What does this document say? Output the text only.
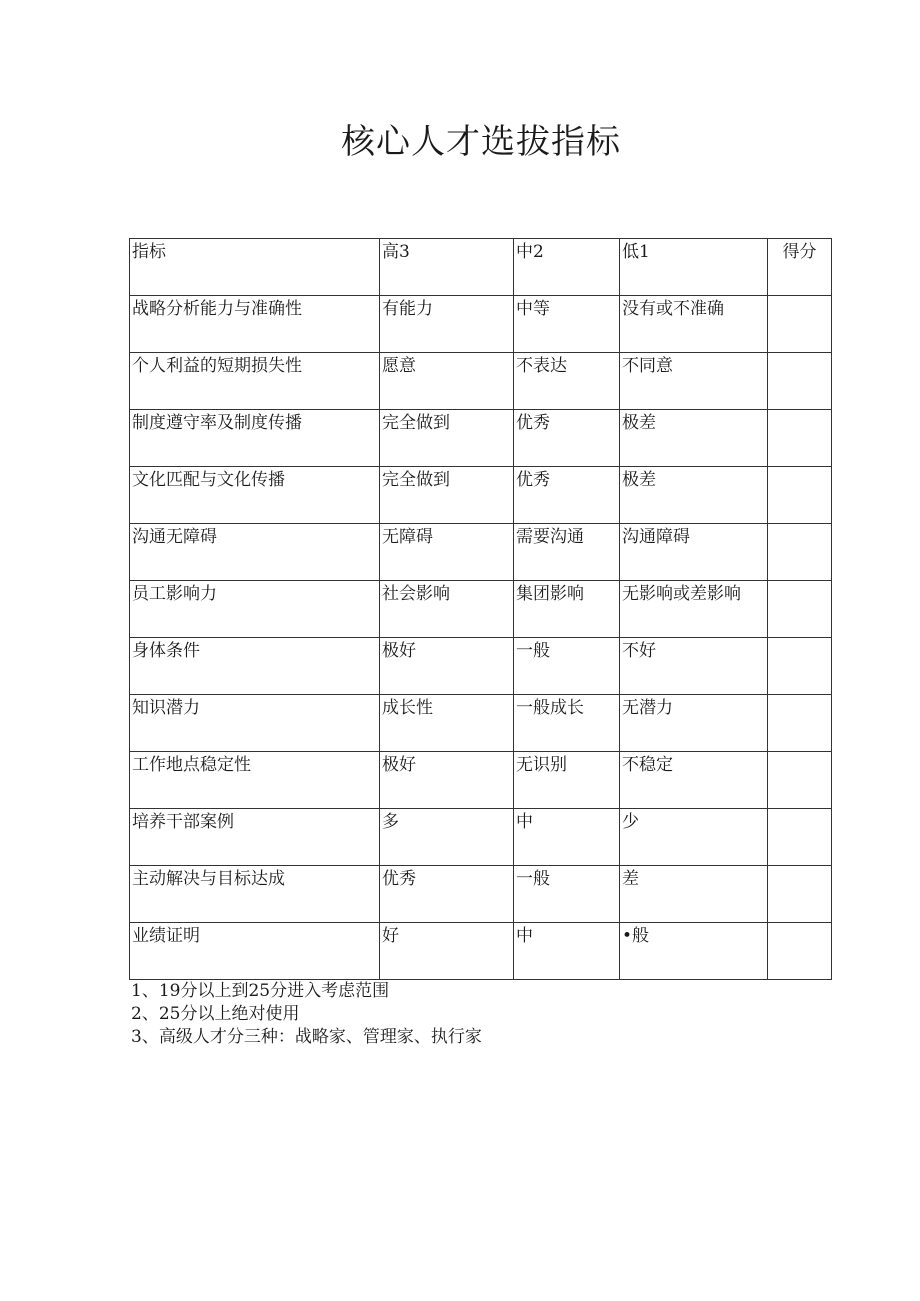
核心人才选拔指标
指标	高3	中2	低1	得分
战略分析能力与准确性	有能力	中等	没有或不准确	
个人利益的短期损失性	愿意	不表达	不同意	
制度遵守率及制度传播	完全做到	优秀	极差	
文化匹配与文化传播	完全做到	优秀	极差	
沟通无障碍	无障碍	需要沟通	沟通障碍	
员工影响力	社会影响	集团影响	无影响或差影响	
身体条件	极好	一般	不好	
知识潜力	成长性	一般成长	无潜力	
工作地点稳定性	极好	无识别	不稳定	
培养干部案例	多	中	少	
主动解决与目标达成	优秀	一般	差	
业绩证明	好	中	•般	
1、19分以上到25分进入考虑范围
2、25分以上绝对使用
3、高级人才分三种：战略家、管理家、执行家
